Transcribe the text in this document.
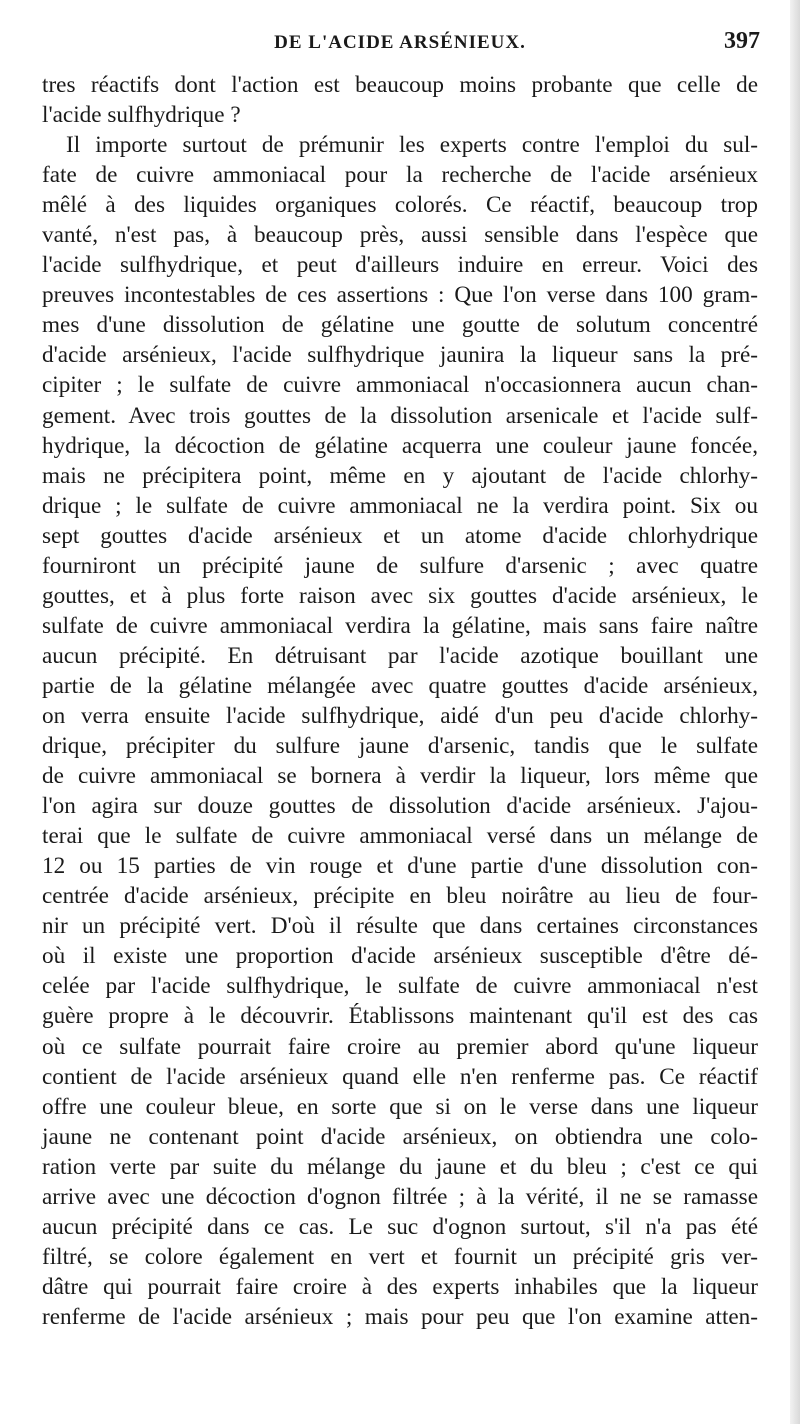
DE L'ACIDE ARSÉNIEUX.	397
tres réactifs dont l'action est beaucoup moins probante que celle de
l'acide sulfhydrique ?
Il importe surtout de prémunir les experts contre l'emploi du sul-
fate de cuivre ammoniacal pour la recherche de l'acide arsénieux
mêlé à des liquides organiques colorés. Ce réactif, beaucoup trop
vanté, n'est pas, à beaucoup près, aussi sensible dans l'espèce que
l'acide sulfhydrique, et peut d'ailleurs induire en erreur. Voici des
preuves incontestables de ces assertions : Que l'on verse dans 100 gram-
mes d'une dissolution de gélatine une goutte de solutum concentré
d'acide arsénieux, l'acide sulfhydrique jaunira la liqueur sans la pré-
cipiter ; le sulfate de cuivre ammoniacal n'occasionnera aucun chan-
gement. Avec trois gouttes de la dissolution arsenicale et l'acide sulf-
hydrique, la décoction de gélatine acquerra une couleur jaune foncée,
mais ne précipitera point, même en y ajoutant de l'acide chlorhy-
drique ; le sulfate de cuivre ammoniacal ne la verdira point. Six ou
sept gouttes d'acide arsénieux et un atome d'acide chlorhydrique
fourniront un précipité jaune de sulfure d'arsenic ; avec quatre
gouttes, et à plus forte raison avec six gouttes d'acide arsénieux, le
sulfate de cuivre ammoniacal verdira la gélatine, mais sans faire naître
aucun précipité. En détruisant par l'acide azotique bouillant une
partie de la gélatine mélangée avec quatre gouttes d'acide arsénieux,
on verra ensuite l'acide sulfhydrique, aidé d'un peu d'acide chlorhy-
drique, précipiter du sulfure jaune d'arsenic, tandis que le sulfate
de cuivre ammoniacal se bornera à verdir la liqueur, lors même que
l'on agira sur douze gouttes de dissolution d'acide arsénieux. J'ajou-
terai que le sulfate de cuivre ammoniacal versé dans un mélange de
12 ou 15 parties de vin rouge et d'une partie d'une dissolution con-
centrée d'acide arsénieux, précipite en bleu noirâtre au lieu de four-
nir un précipité vert. D'où il résulte que dans certaines circonstances
où il existe une proportion d'acide arsénieux susceptible d'être dé-
celée par l'acide sulfhydrique, le sulfate de cuivre ammoniacal n'est
guère propre à le découvrir. Établissons maintenant qu'il est des cas
où ce sulfate pourrait faire croire au premier abord qu'une liqueur
contient de l'acide arsénieux quand elle n'en renferme pas. Ce réactif
offre une couleur bleue, en sorte que si on le verse dans une liqueur
jaune ne contenant point d'acide arsénieux, on obtiendra une colo-
ration verte par suite du mélange du jaune et du bleu ; c'est ce qui
arrive avec une décoction d'ognon filtrée ; à la vérité, il ne se ramasse
aucun précipité dans ce cas. Le suc d'ognon surtout, s'il n'a pas été
filtré, se colore également en vert et fournit un précipité gris ver-
dâtre qui pourrait faire croire à des experts inhabiles que la liqueur
renferme de l'acide arsénieux ; mais pour peu que l'on examine atten-
